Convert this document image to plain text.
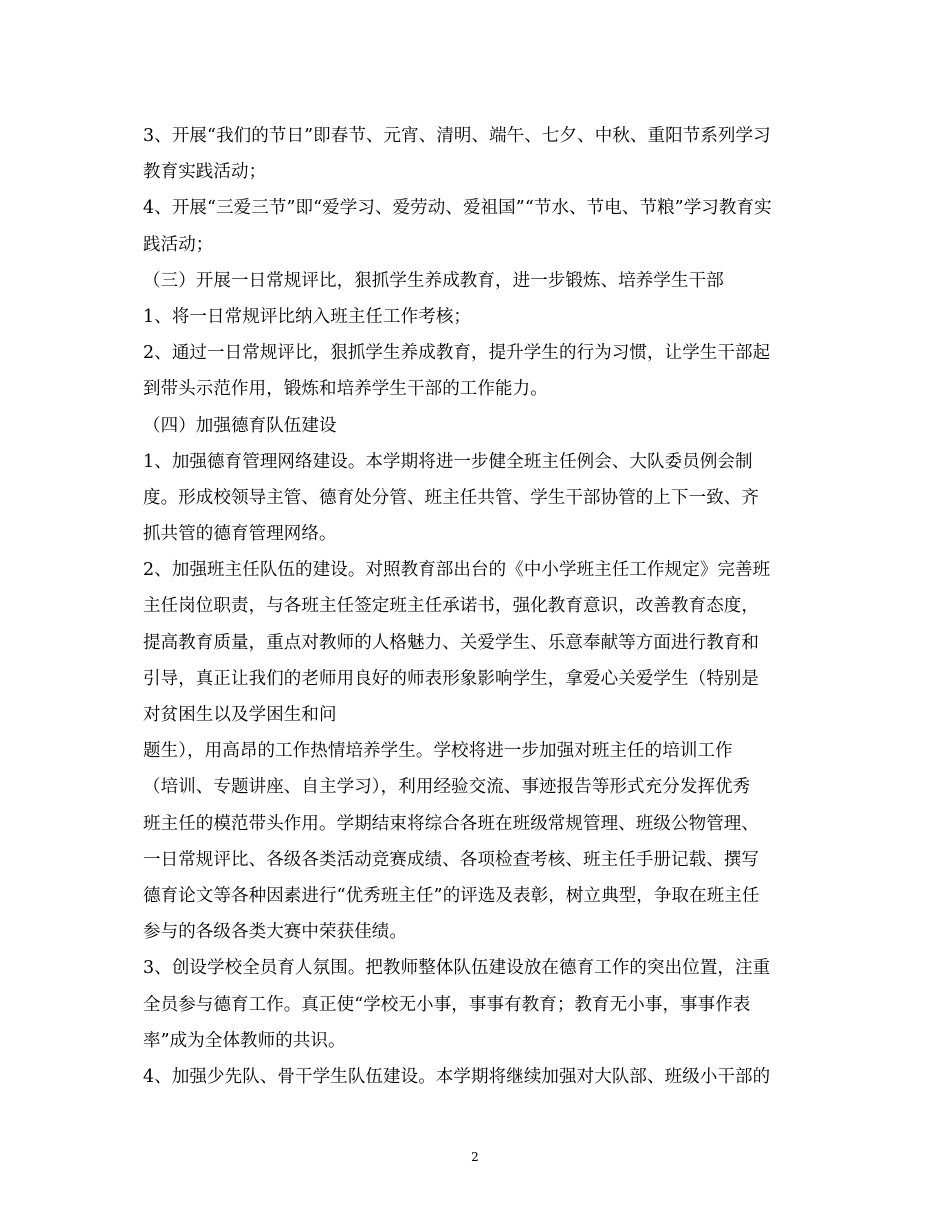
3、开展“我们的节日”即春节、元宵、清明、端午、七夕、中秋、重阳节系列学习
教育实践活动；
4、开展“三爱三节”即“爱学习、爱劳动、爱祖国”“节水、节电、节粮”学习教育实
践活动；
（三）开展一日常规评比，狠抓学生养成教育，进一步锻炼、培养学生干部
1、将一日常规评比纳入班主任工作考核；
2、通过一日常规评比，狠抓学生养成教育，提升学生的行为习惯，让学生干部起
到带头示范作用，锻炼和培养学生干部的工作能力。
（四）加强德育队伍建设
1、加强德育管理网络建设。本学期将进一步健全班主任例会、大队委员例会制
度。形成校领导主管、德育处分管、班主任共管、学生干部协管的上下一致、齐
抓共管的德育管理网络。
2、加强班主任队伍的建设。对照教育部出台的《中小学班主任工作规定》完善班
主任岗位职责，与各班主任签定班主任承诺书，强化教育意识，改善教育态度，
提高教育质量，重点对教师的人格魅力、关爱学生、乐意奉献等方面进行教育和
引导，真正让我们的老师用良好的师表形象影响学生，拿爱心关爱学生（特别是
对贫困生以及学困生和问
题生），用高昂的工作热情培养学生。学校将进一步加强对班主任的培训工作
（培训、专题讲座、自主学习），利用经验交流、事迹报告等形式充分发挥优秀
班主任的模范带头作用。学期结束将综合各班在班级常规管理、班级公物管理、
一日常规评比、各级各类活动竞赛成绩、各项检查考核、班主任手册记载、撰写
德育论文等各种因素进行“优秀班主任”的评选及表彰，树立典型，争取在班主任
参与的各级各类大赛中荣获佳绩。
3、创设学校全员育人氛围。把教师整体队伍建设放在德育工作的突出位置，注重
全员参与德育工作。真正使“学校无小事，事事有教育；教育无小事，事事作表
率”成为全体教师的共识。
4、加强少先队、骨干学生队伍建设。本学期将继续加强对大队部、班级小干部的
2
